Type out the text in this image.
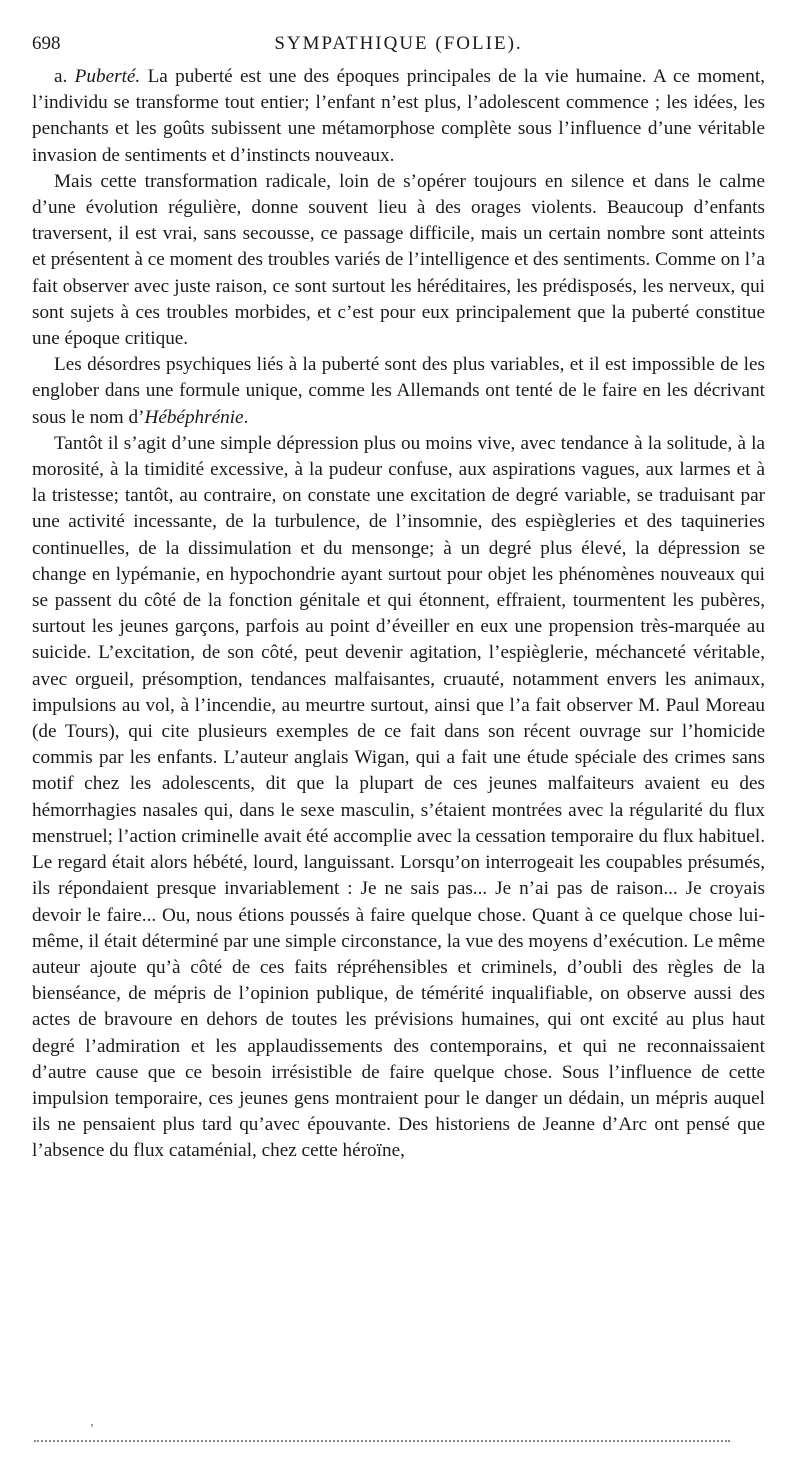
698	SYMPATHIQUE (FOLIE).

a. Puberté. La puberté est une des époques principales de la vie humaine. A ce moment, l’individu se transforme tout entier; l’enfant n’est plus, l’adolescent commence ; les idées, les penchants et les goûts subissent une métamorphose complète sous l’influence d’une véritable invasion de sentiments et d’instincts nouveaux.

Mais cette transformation radicale, loin de s’opérer toujours en silence et dans le calme d’une évolution régulière, donne souvent lieu à des orages violents. Beaucoup d’enfants traversent, il est vrai, sans secousse, ce passage difficile, mais un certain nombre sont atteints et présentent à ce moment des troubles variés de l’intelligence et des sentiments. Comme on l’a fait observer avec juste raison, ce sont surtout les héréditaires, les prédisposés, les nerveux, qui sont sujets à ces troubles morbides, et c’est pour eux principalement que la puberté constitue une époque critique.

Les désordres psychiques liés à la puberté sont des plus variables, et il est impossible de les englober dans une formule unique, comme les Allemands ont tenté de le faire en les décrivant sous le nom d’Hébéphrénie.

Tantôt il s’agit d’une simple dépression plus ou moins vive, avec tendance à la solitude, à la morosité, à la timidité excessive, à la pudeur confuse, aux aspirations vagues, aux larmes et à la tristesse; tantôt, au contraire, on constate une excitation de degré variable, se traduisant par une activité incessante, de la turbulence, de l’insomnie, des espiègleries et des taquineries continuelles, de la dissimulation et du mensonge; à un degré plus élevé, la dépression se change en lypémanie, en hypochondrie ayant surtout pour objet les phénomènes nouveaux qui se passent du côté de la fonction génitale et qui étonnent, effraient, tourmentent les pubères, surtout les jeunes garçons, parfois au point d’éveiller en eux une propension très-marquée au suicide. L’excitation, de son côté, peut devenir agitation, l’espièglerie, méchanceté véritable, avec orgueil, présomption, tendances malfaisantes, cruauté, notamment envers les animaux, impulsions au vol, à l’incendie, au meurtre surtout, ainsi que l’a fait observer M. Paul Moreau (de Tours), qui cite plusieurs exemples de ce fait dans son récent ouvrage sur l’homicide commis par les enfants. L’auteur anglais Wigan, qui a fait une étude spéciale des crimes sans motif chez les adolescents, dit que la plupart de ces jeunes malfaiteurs avaient eu des hémorrhagies nasales qui, dans le sexe masculin, s’étaient montrées avec la régularité du flux menstruel; l’action criminelle avait été accomplie avec la cessation temporaire du flux habituel. Le regard était alors hébété, lourd, languissant. Lorsqu’on interrogeait les coupables présumés, ils répondaient presque invariablement : Je ne sais pas... Je n’ai pas de raison... Je croyais devoir le faire... Ou, nous étions poussés à faire quelque chose. Quant à ce quelque chose lui-même, il était déterminé par une simple circonstance, la vue des moyens d’exécution. Le même auteur ajoute qu’à côté de ces faits répréhensibles et criminels, d’oubli des règles de la bienséance, de mépris de l’opinion publique, de témérité inqualifiable, on observe aussi des actes de bravoure en dehors de toutes les prévisions humaines, qui ont excité au plus haut degré l’admiration et les applaudissements des contemporains, et qui ne reconnaissaient d’autre cause que ce besoin irrésistible de faire quelque chose. Sous l’influence de cette impulsion temporaire, ces jeunes gens montraient pour le danger un dédain, un mépris auquel ils ne pensaient plus tard qu’avec épouvante. Des historiens de Jeanne d’Arc ont pensé que l’absence du flux cataménial, chez cette héroïne,

‚
